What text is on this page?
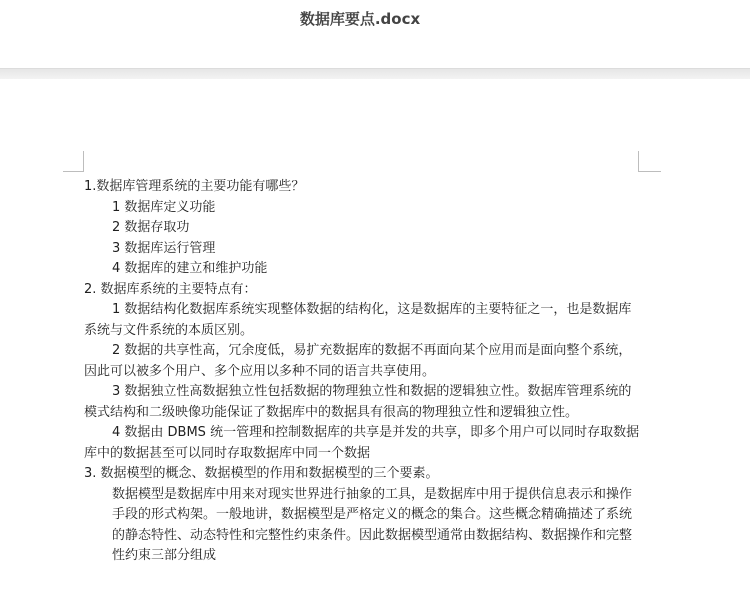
数据库要点.docx

1.数据库管理系统的主要功能有哪些？

1 数据库定义功能

2 数据存取功

3 数据库运行管理

4 数据库的建立和维护功能

2. 数据库系统的主要特点有：

1 数据结构化数据库系统实现整体数据的结构化，这是数据库的主要特征之一，也是数据库系统与文件系统的本质区别。

2 数据的共享性高，冗余度低，易扩充数据库的数据不再面向某个应用而是面向整个系统，因此可以被多个用户、多个应用以多种不同的语言共享使用。

3 数据独立性高数据独立性包括数据的物理独立性和数据的逻辑独立性。数据库管理系统的模式结构和二级映像功能保证了数据库中的数据具有很高的物理独立性和逻辑独立性。

4 数据由 DBMS 统一管理和控制数据库的共享是并发的共享，即多个用户可以同时存取数据库中的数据甚至可以同时存取数据库中同一个数据

3. 数据模型的概念、数据模型的作用和数据模型的三个要素。

数据模型是数据库中用来对现实世界进行抽象的工具，是数据库中用于提供信息表示和操作手段的形式构架。一般地讲，数据模型是严格定义的概念的集合。这些概念精确描述了系统的静态特性、动态特性和完整性约束条件。因此数据模型通常由数据结构、数据操作和完整性约束三部分组成
